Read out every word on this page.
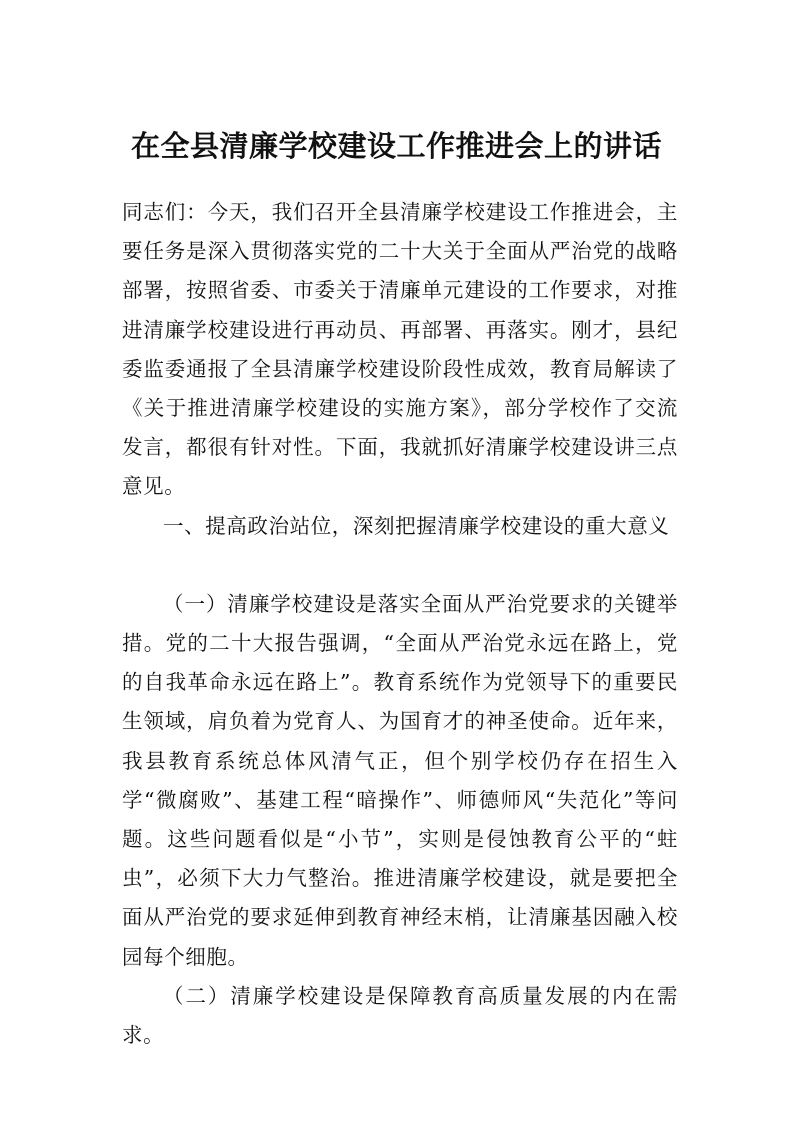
在全县清廉学校建设工作推进会上的讲话

同志们：今天，我们召开全县清廉学校建设工作推进会，主要任务是深入贯彻落实党的二十大关于全面从严治党的战略部署，按照省委、市委关于清廉单元建设的工作要求，对推进清廉学校建设进行再动员、再部署、再落实。刚才，县纪委监委通报了全县清廉学校建设阶段性成效，教育局解读了《关于推进清廉学校建设的实施方案》，部分学校作了交流发言，都很有针对性。下面，我就抓好清廉学校建设讲三点意见。

一、提高政治站位，深刻把握清廉学校建设的重大意义

（一）清廉学校建设是落实全面从严治党要求的关键举措。党的二十大报告强调，“全面从严治党永远在路上，党的自我革命永远在路上”。教育系统作为党领导下的重要民生领域，肩负着为党育人、为国育才的神圣使命。近年来，我县教育系统总体风清气正，但个别学校仍存在招生入学“微腐败”、基建工程“暗操作”、师德师风“失范化”等问题。这些问题看似是“小节”，实则是侵蚀教育公平的“蛀虫”，必须下大力气整治。推进清廉学校建设，就是要把全面从严治党的要求延伸到教育神经末梢，让清廉基因融入校园每个细胞。

（二）清廉学校建设是保障教育高质量发展的内在需求。
